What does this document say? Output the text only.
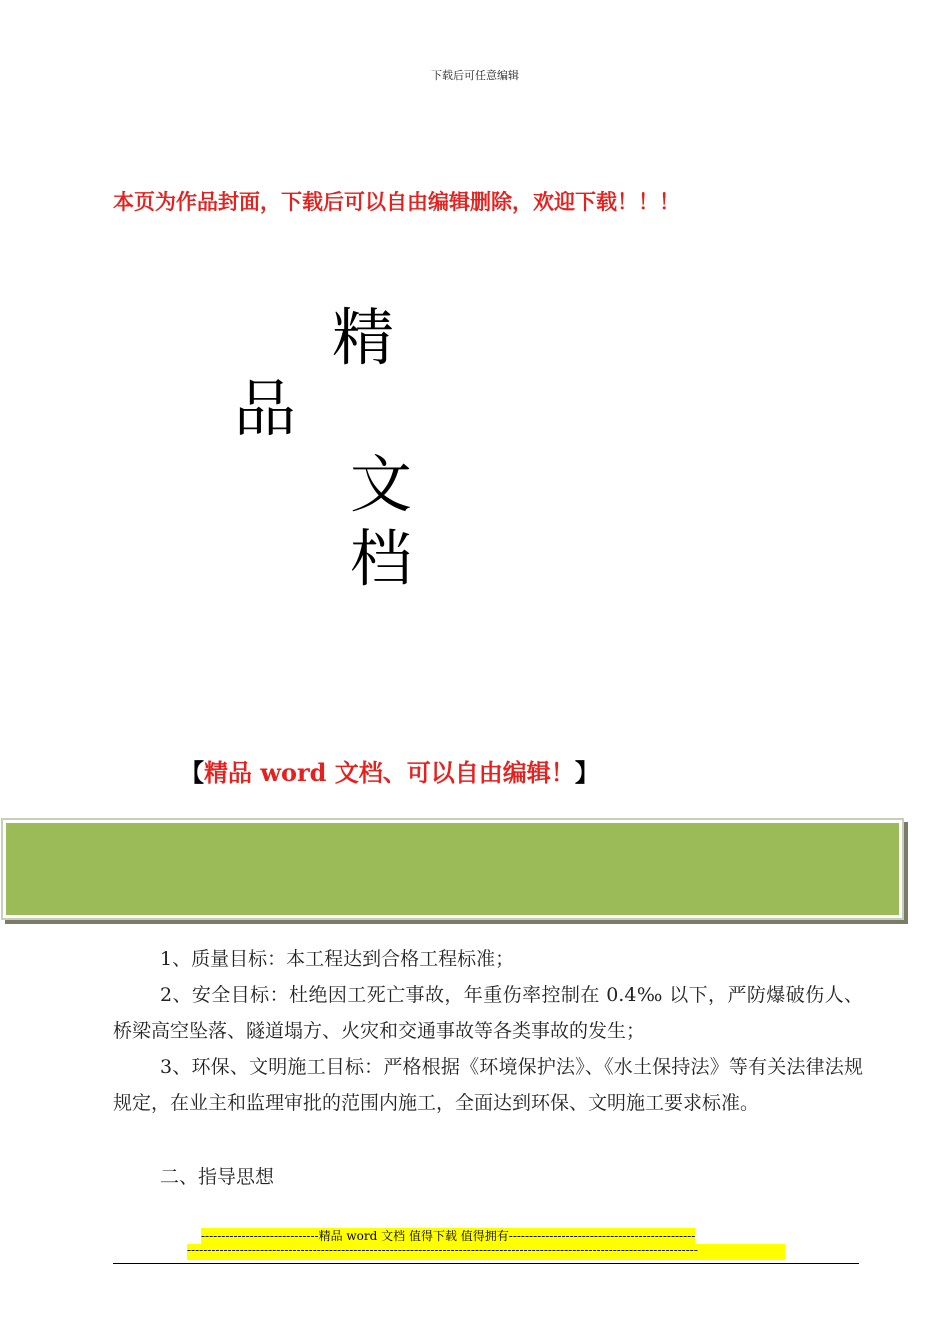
下载后可任意编辑
本页为作品封面，下载后可以自由编辑删除，欢迎下载！！！
精
品
文
档
【精品 word 文档、可以自由编辑！】
1、质量目标：本工程达到合格工程标准；
2、安全目标：杜绝因工死亡事故，年重伤率控制在 0.4‰ 以下，严防爆破伤人、桥梁高空坠落、隧道塌方、火灾和交通事故等各类事故的发生；
3、环保、文明施工目标：严格根据《环境保护法》、《水土保持法》等有关法律法规规定，在业主和监理审批的范围内施工，全面达到环保、文明施工要求标准。
二、指导思想
-----------------------------精品 word 文档 值得下载 值得拥有----------------------------------------------
------------------------------------------------------------------------------------------------------------------------------
